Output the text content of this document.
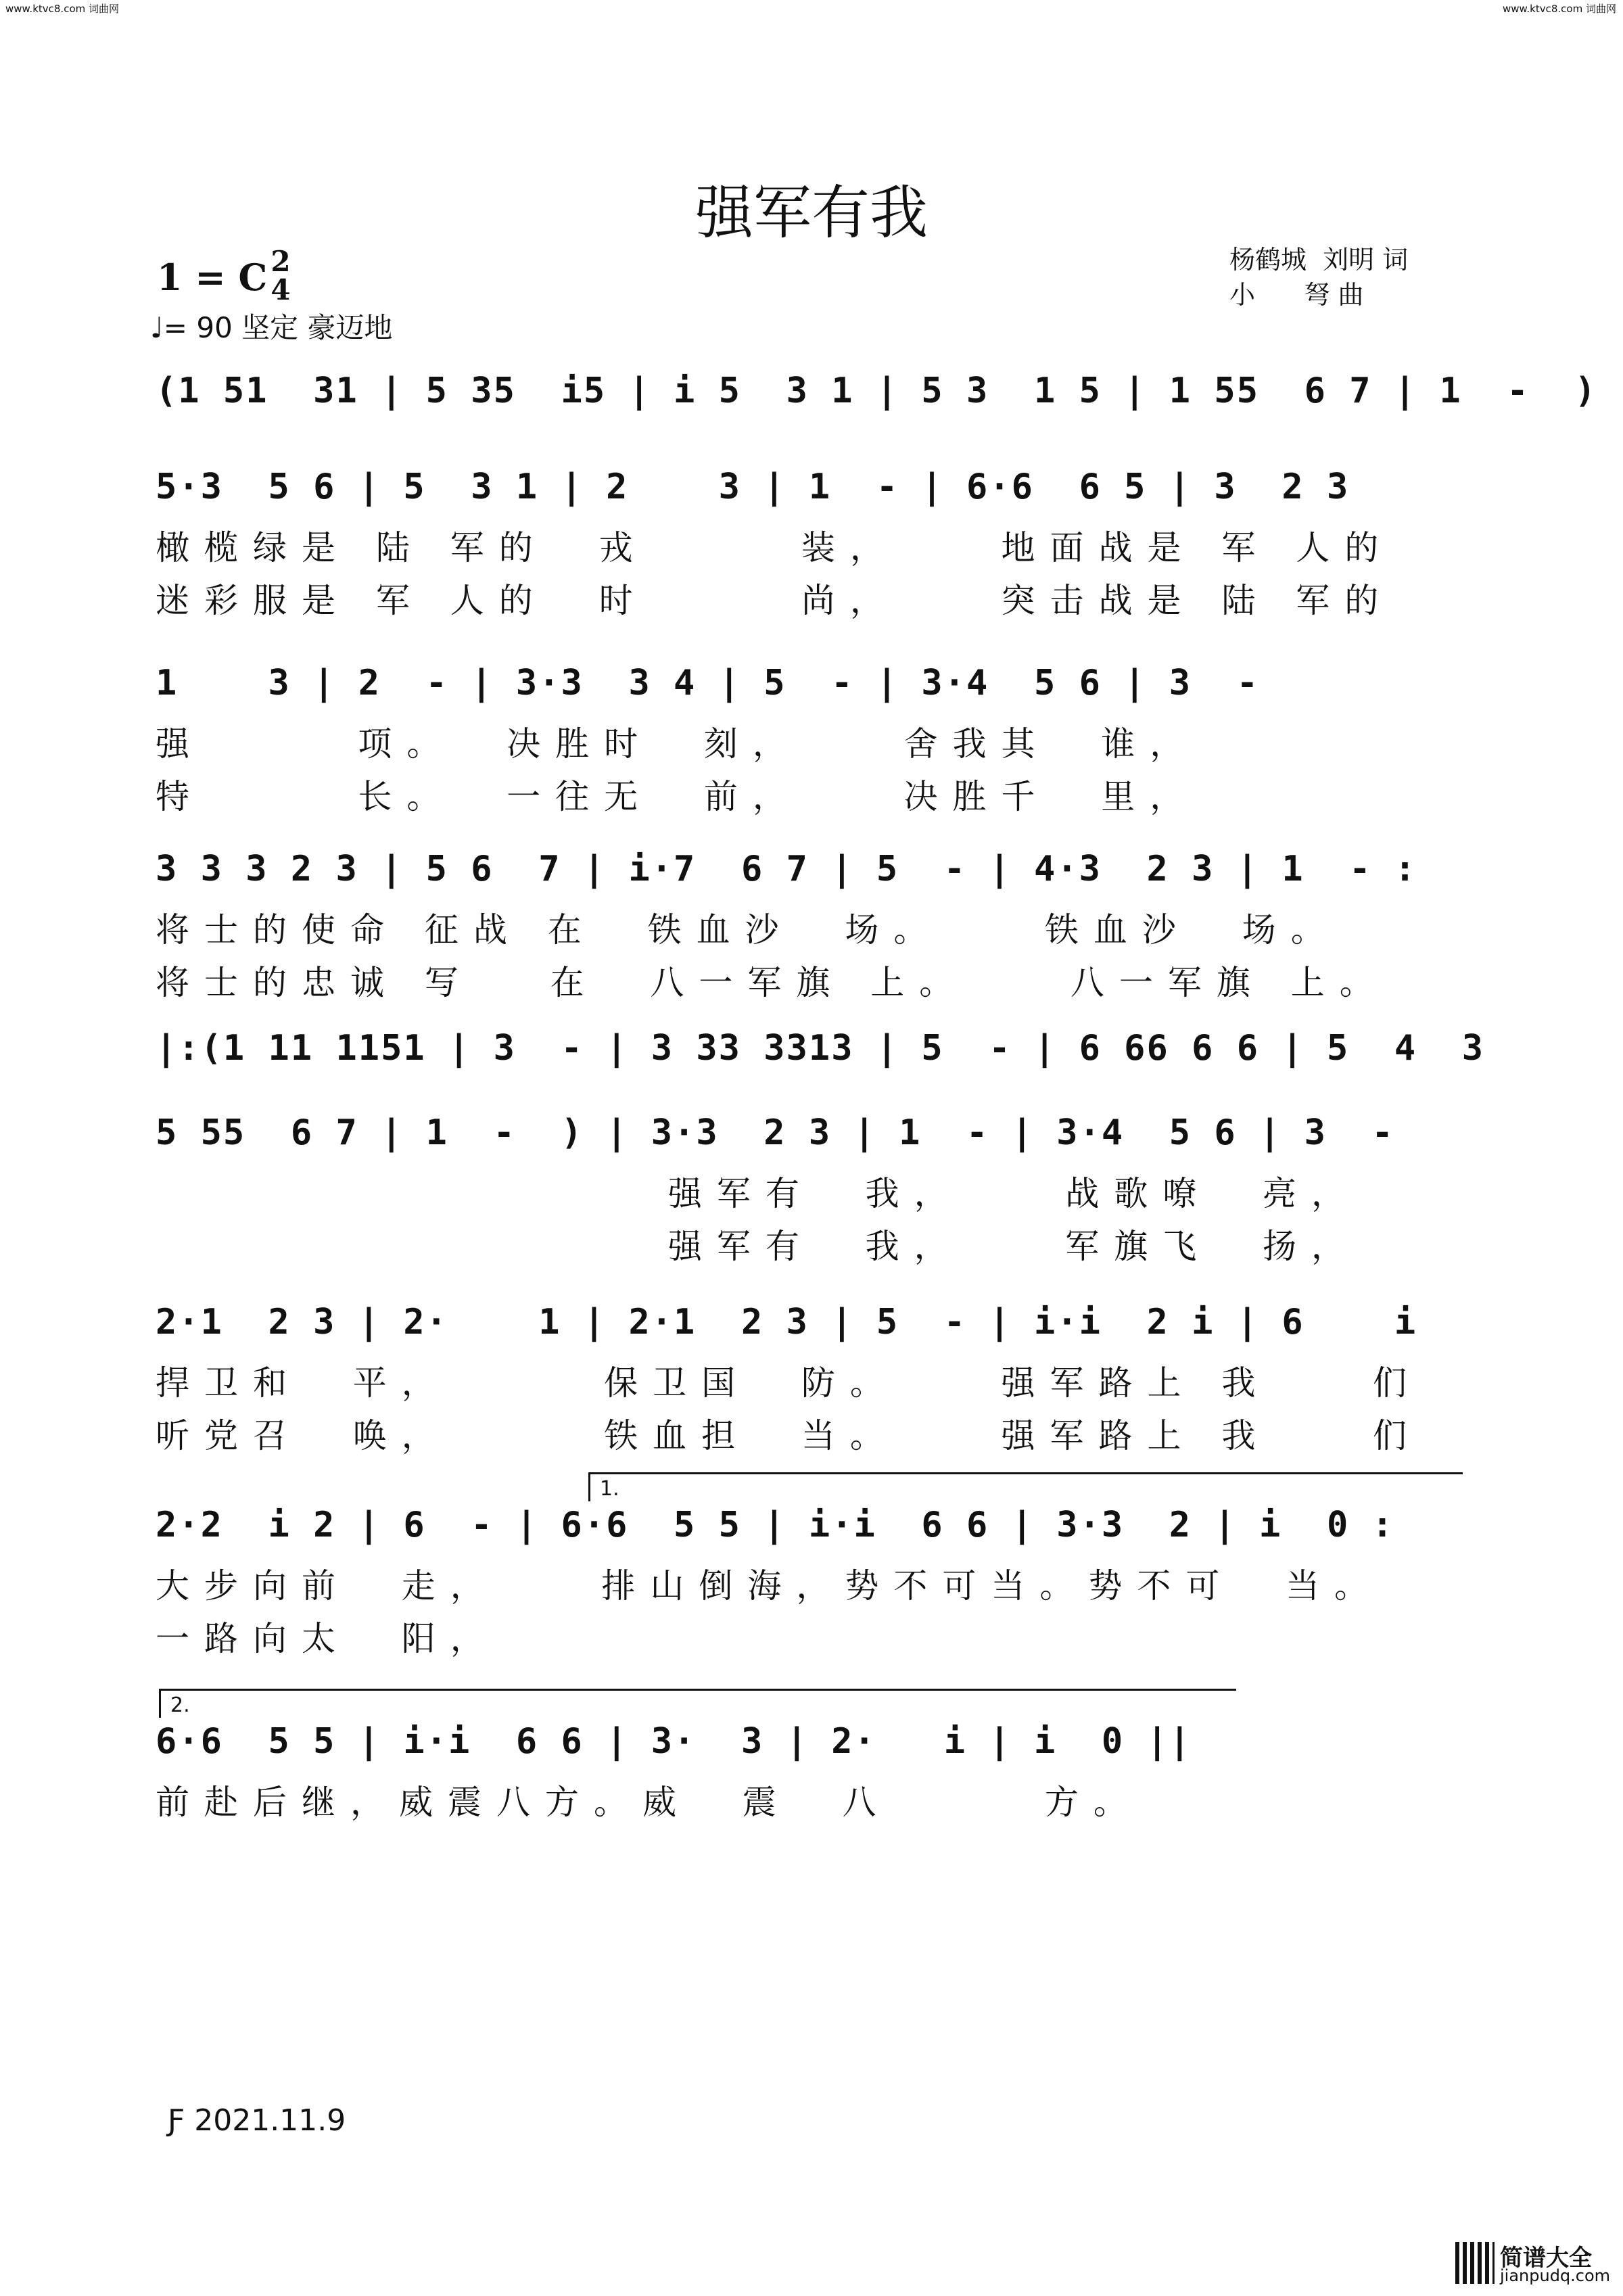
www.ktvc8.com 词曲网	www.ktvc8.com 词曲网
强军有我
1 = C 2
4
♩= 90 坚定 豪迈地
杨鹤城  刘明 词
小      弩 曲
(1 51  31 | 5 35  i5 | i 5  3 1 | 5 3  1 5 | 1 55  6 7 | 1  -  )
5·3  5 6 | 5  3 1 | 2    3 | 1  - | 6·6  6 5 | 3  2 3
橄榄绿是 陆 军的  戎      装，    地面战是 军 人的
迷彩服是 军 人的  时      尚，    突击战是 陆 军的
1    3 | 2  - | 3·3  3 4 | 5  - | 3·4  5 6 | 3  -
强      项。  决胜时  刻，    舍我其  谁，
特      长。  一往无  前，    决胜千  里，
3 3 3 2 3 | 5 6  7 | i·7  6 7 | 5  - | 4·3  2 3 | 1  - :
将士的使命 征战 在  铁血沙  场。    铁血沙  场。
将士的忠诚 写   在  八一军旗 上。    八一军旗 上。
|:(1 11 1151 | 3  - | 3 33 3313 | 5  - | 6 66 6 6 | 5  4  3
5 55  6 7 | 1  -  ) | 3·3  2 3 | 1  - | 3·4  5 6 | 3  -
强军有  我，    战歌嘹  亮，
强军有  我，    军旗飞  扬，
2·1  2 3 | 2·    1 | 2·1  2 3 | 5  - | i·i  2 i | 6    i
捍卫和  平，      保卫国  防。    强军路上 我    们
听党召  唤，      铁血担  当。    强军路上 我    们
1.
2·2  i 2 | 6  - | 6·6  5 5 | i·i  6 6 | 3·3  2 | i  0 :
大步向前  走，    排山倒海，势不可当。势不可  当。
一路向太  阳，
2.
6·6  5 5 | i·i  6 6 | 3·  3 | 2·   i | i  0 ||
前赴后继，威震八方。威  震  八      方。
Ƒ 2021.11.9
简谱大全
jianpudq.com
